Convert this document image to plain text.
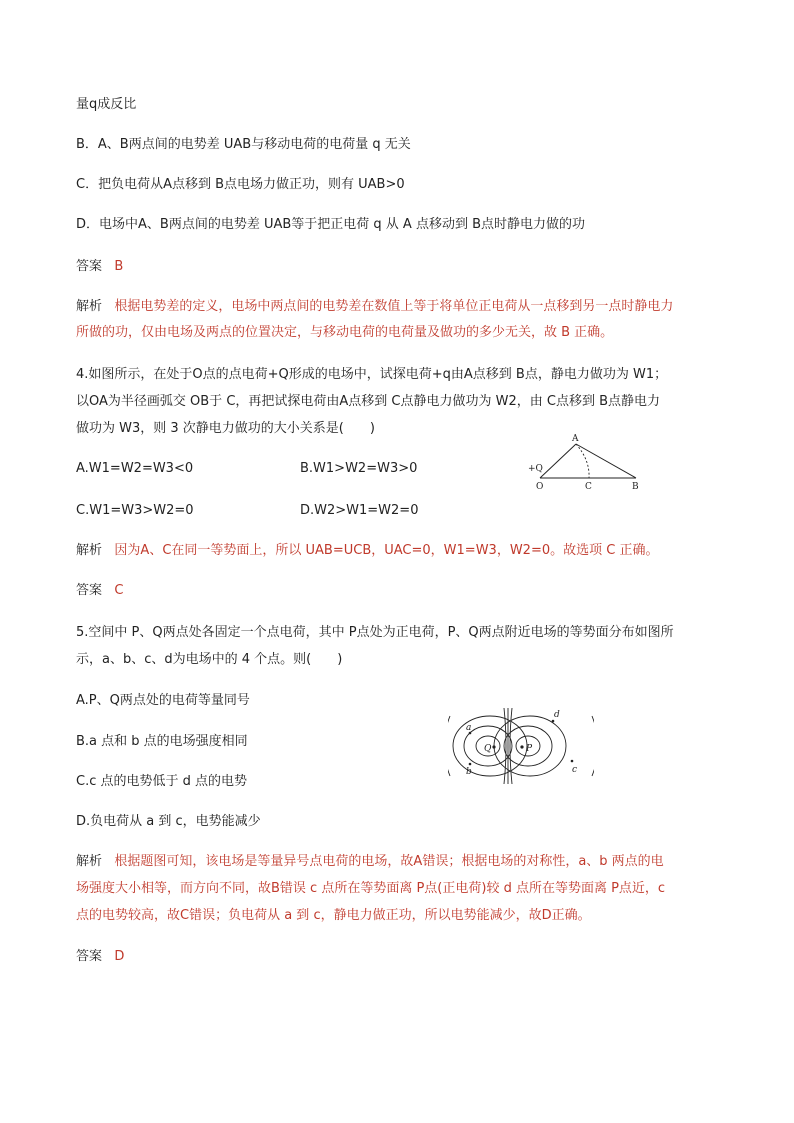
量q成反比
B．A、B两点间的电势差 UAB与移动电荷的电荷量 q 无关
C．把负电荷从A点移到 B点电场力做正功，则有 UAB>0
D．电场中A、B两点间的电势差 UAB等于把正电荷 q 从 A 点移动到 B点时静电力做的功
答案 B
解析 根据电势差的定义，电场中两点间的电势差在数值上等于将单位正电荷从一点移到另一点时静电力
所做的功，仅由电场及两点的位置决定，与移动电荷的电荷量及做功的多少无关，故 B 正确。
4.如图所示，在处于O点的点电荷+Q形成的电场中，试探电荷+q由A点移到 B点，静电力做功为 W1；
以OA为半径画弧交 OB于 C，再把试探电荷由A点移到 C点静电力做功为 W2，由 C点移到 B点静电力
做功为 W3，则 3 次静电力做功的大小关系是(　　)
A.W1=W2=W3<0	B.W1>W2=W3>0
C.W1=W3>W2=0	D.W2>W1=W2=0
A
+Q
O	C	B
解析 因为A、C在同一等势面上，所以 UAB=UCB，UAC=0，W1=W3，W2=0。故选项 C 正确。
答案 C
5.空间中 P、Q两点处各固定一个点电荷，其中 P点处为正电荷，P、Q两点附近电场的等势面分布如图所
示，a、b、c、d为电场中的 4 个点。则(　　)
A.P、Q两点处的电荷等量同号
B.a 点和 b 点的电场强度相同
C.c 点的电势低于 d 点的电势
D.负电荷从 a 到 c，电势能减少
Q	P
a
b	c
d
解析 根据题图可知，该电场是等量异号点电荷的电场，故A错误；根据电场的对称性，a、b 两点的电
场强度大小相等，而方向不同，故B错误 c 点所在等势面离 P点(正电荷)较 d 点所在等势面离 P点近，c
点的电势较高，故C错误；负电荷从 a 到 c，静电力做正功，所以电势能减少，故D正确。
答案 D
